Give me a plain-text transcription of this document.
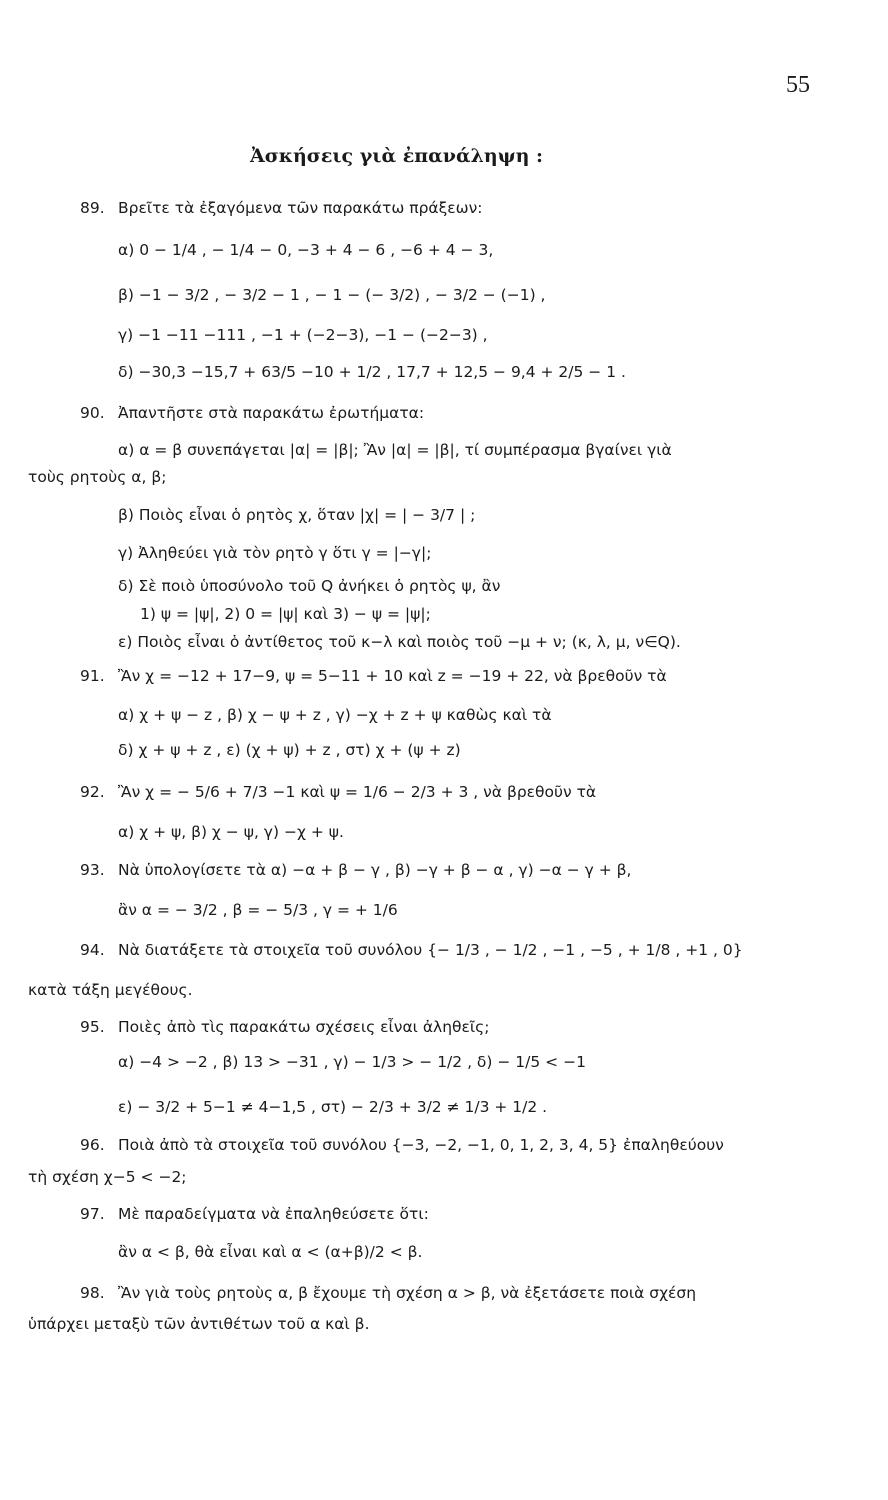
55
Ἀσκήσεις γιὰ ἐπανάληψη :
89. Βρεῖτε τὰ ἐξαγόμενα τῶν παρακάτω πράξεων:
α) 0 − 1/4 , − 1/4 − 0, −3 + 4 − 6 , −6 + 4 − 3,
β) −1 − 3/2 , − 3/2 − 1 , − 1 − (− 3/2) , − 3/2 − (−1) ,
γ) −1 −11 −111 , −1 + (−2−3), −1 − (−2−3) ,
δ) −30,3 −15,7 + 63/5 −10 + 1/2 , 17,7 + 12,5 − 9,4 + 2/5 − 1 .
90. Ἀπαντῆστε στὰ παρακάτω ἐρωτήματα:
α) α = β συνεπάγεται |α| = |β|; Ἂν |α| = |β|, τί συμπέρασμα βγαίνει γιὰ
τοὺς ρητοὺς α, β;
β) Ποιὸς εἶναι ὁ ρητὸς χ, ὅταν |χ| = | − 3/7 | ;
γ) Ἀληθεύει γιὰ τὸν ρητὸ γ ὅτι γ = |−γ|;
δ) Σὲ ποιὸ ὑποσύνολο τοῦ Q ἀνήκει ὁ ρητὸς ψ, ἂν
1) ψ = |ψ|, 2) 0 = |ψ| καὶ 3) − ψ = |ψ|;
ε) Ποιὸς εἶναι ὁ ἀντίθετος τοῦ κ−λ καὶ ποιὸς τοῦ −μ + ν; (κ, λ, μ, ν∈Q).
91. Ἂν χ = −12 + 17−9, ψ = 5−11 + 10 καὶ z = −19 + 22, νὰ βρεθοῦν τὰ
α) χ + ψ − z , β) χ − ψ + z , γ) −χ + z + ψ καθὼς καὶ τὰ
δ) χ + ψ + z , ε) (χ + ψ) + z , στ) χ + (ψ + z)
92. Ἂν χ = − 5/6 + 7/3 −1 καὶ ψ = 1/6 − 2/3 + 3 , νὰ βρεθοῦν τὰ
α) χ + ψ, β) χ − ψ, γ) −χ + ψ.
93. Νὰ ὑπολογίσετε τὰ α) −α + β − γ , β) −γ + β − α , γ) −α − γ + β,
ἂν α = − 3/2 , β = − 5/3 , γ = + 1/6
94. Νὰ διατάξετε τὰ στοιχεῖα τοῦ συνόλου {− 1/3 , − 1/2 , −1 , −5 , + 1/8 , +1 , 0}
κατὰ τάξη μεγέθους.
95. Ποιὲς ἀπὸ τὶς παρακάτω σχέσεις εἶναι ἀληθεῖς;
α) −4 > −2 , β) 13 > −31 , γ) − 1/3 > − 1/2 , δ) − 1/5 < −1
ε) − 3/2 + 5−1 ≠ 4−1,5 , στ) − 2/3 + 3/2 ≠ 1/3 + 1/2 .
96. Ποιὰ ἀπὸ τὰ στοιχεῖα τοῦ συνόλου {−3, −2, −1, 0, 1, 2, 3, 4, 5} ἐπαληθεύουν
τὴ σχέση χ−5 < −2;
97. Μὲ παραδείγματα νὰ ἐπαληθεύσετε ὅτι:
ἂν α < β, θὰ εἶναι καὶ α < (α+β)/2 < β.
98. Ἂν γιὰ τοὺς ρητοὺς α, β ἔχουμε τὴ σχέση α > β, νὰ ἐξετάσετε ποιὰ σχέση
ὑπάρχει μεταξὺ τῶν ἀντιθέτων τοῦ α καὶ β.
